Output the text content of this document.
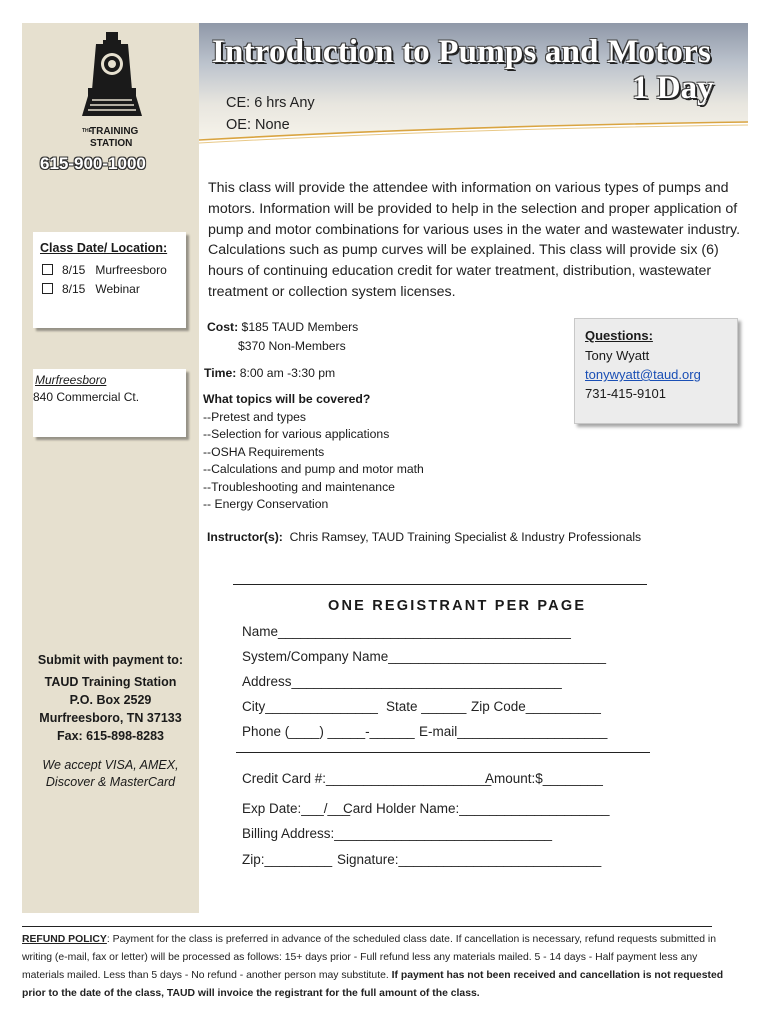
Introduction to Pumps and Motors
1 Day
CE: 6 hrs Any
OE: None
THE
TRAINING
STATION
615-900-1000
Class Date/ Location:
8/15 Murfreesboro
8/15 Webinar
Murfreesboro
840 Commercial Ct.
This class will provide the attendee with information on various types of pumps and motors. Information will be provided to help in the selection and proper application of pump and motor combinations for various uses in the water and wastewater industry. Calculations such as pump curves will be explained. This class will provide six (6) hours of continuing education credit for water treatment, distribution, wastewater treatment or collection system licenses.
Cost: $185 TAUD Members
$370 Non-Members
Questions:
Tony Wyatt
tonywyatt@taud.org
731-415-9101
Time: 8:00 am -3:30 pm
What topics will be covered?
--Pretest and types
--Selection for various applications
--OSHA Requirements
--Calculations and pump and motor math
--Troubleshooting and maintenance
-- Energy Conservation
Instructor(s): Chris Ramsey, TAUD Training Specialist & Industry Professionals
ONE REGISTRANT PER PAGE
Name_______________________________________
System/Company Name_____________________________
Address____________________________________
City_______________ State ______ Zip Code__________
Phone (____) _____-______ E-mail____________________
Credit Card #:______________________
Amount:$________
Exp Date:___/___
Card Holder Name:____________________
Billing Address:_____________________________
Zip:_________ Signature:___________________________
Submit with payment to:
TAUD Training Station
P.O. Box 2529
Murfreesboro, TN 37133
Fax: 615-898-8283
We accept VISA, AMEX,
Discover & MasterCard
REFUND POLICY: Payment for the class is preferred in advance of the scheduled class date. If cancellation is necessary, refund requests submitted in writing (e-mail, fax or letter) will be processed as follows: 15+ days prior - Full refund less any materials mailed. 5 - 14 days - Half payment less any materials mailed. Less than 5 days - No refund - another person may substitute. If payment has not been received and cancellation is not requested prior to the date of the class, TAUD will invoice the registrant for the full amount of the class.
